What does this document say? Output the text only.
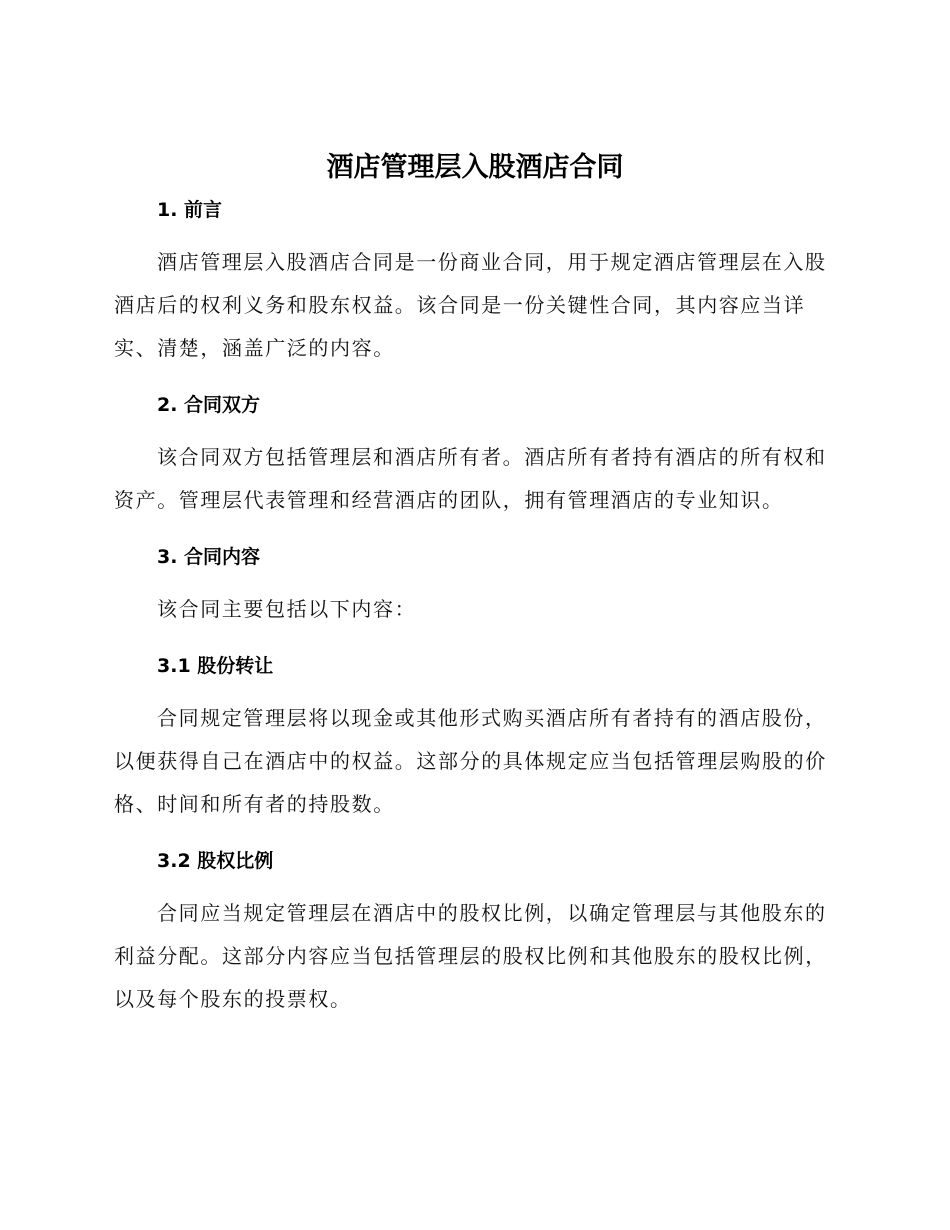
酒店管理层入股酒店合同
1. 前言

酒店管理层入股酒店合同是一份商业合同，用于规定酒店管理层在入股酒店后的权利义务和股东权益。该合同是一份关键性合同，其内容应当详实、清楚，涵盖广泛的内容。

2. 合同双方

该合同双方包括管理层和酒店所有者。酒店所有者持有酒店的所有权和资产。管理层代表管理和经营酒店的团队，拥有管理酒店的专业知识。

3. 合同内容

该合同主要包括以下内容：

3.1 股份转让

合同规定管理层将以现金或其他形式购买酒店所有者持有的酒店股份，以便获得自己在酒店中的权益。这部分的具体规定应当包括管理层购股的价格、时间和所有者的持股数。

3.2 股权比例

合同应当规定管理层在酒店中的股权比例，以确定管理层与其他股东的利益分配。这部分内容应当包括管理层的股权比例和其他股东的股权比例，以及每个股东的投票权。
